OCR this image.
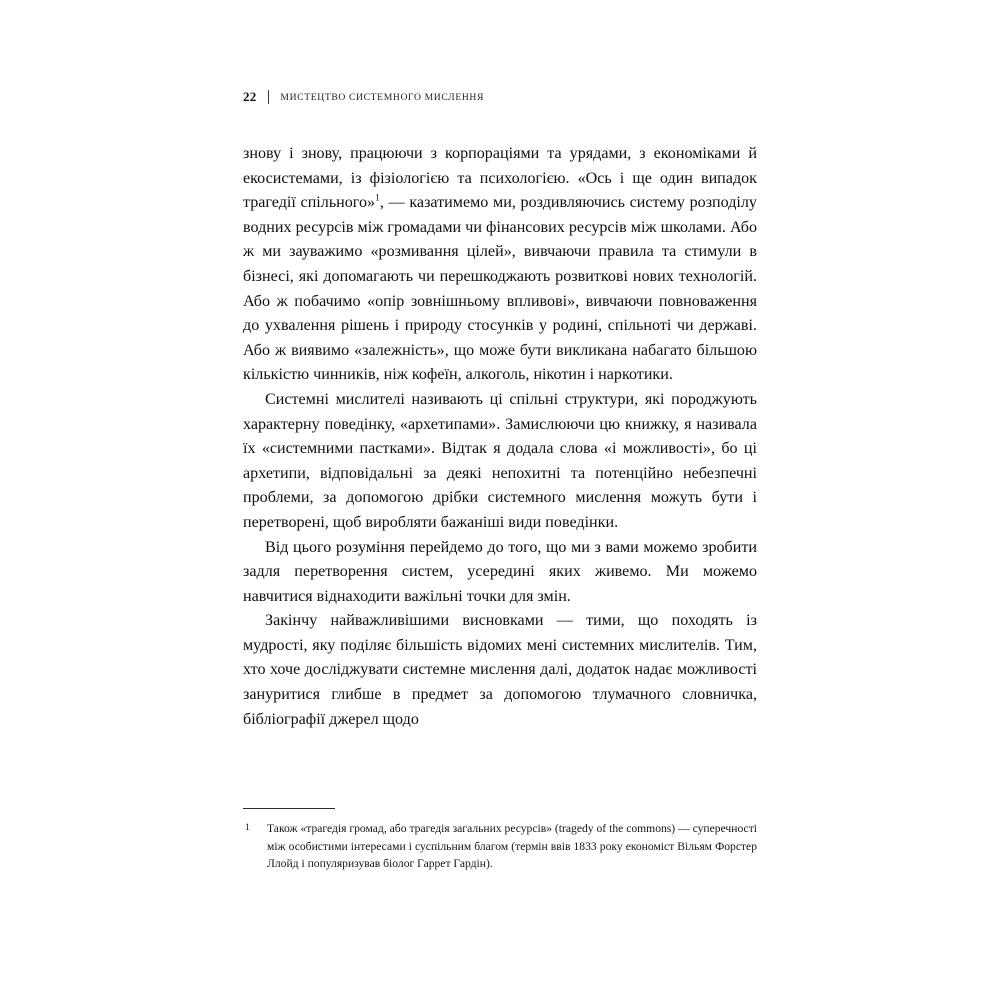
22	МИСТЕЦТВО СИСТЕМНОГО МИСЛЕННЯ

знову і знову, працюючи з корпораціями та урядами, з економіками й екосистемами, із фізіологією та психологією. «Ось і ще один випадок трагедії спільного»$^1$, — казатимемо ми, роздивляючись систему розподілу водних ресурсів між громадами чи фінансових ресурсів між школами. Або ж ми зауважимо «розмивання цілей», вивчаючи правила та стимули в бізнесі, які допомагають чи перешкоджають розвиткові нових технологій. Або ж побачимо «опір зовнішньому впливові», вивчаючи повноваження до ухвалення рішень і природу стосунків у родині, спільноті чи державі. Або ж виявимо «залежність», що може бути викликана набагато більшою кількістю чинників, ніж кофеїн, алкоголь, нікотин і наркотики.

Системні мислителі називають ці спільні структури, які породжують характерну поведінку, «архетипами». Замислюючи цю книжку, я називала їх «системними пастками». Відтак я додала слова «і можливості», бо ці архетипи, відповідальні за деякі непохитні та потенційно небезпечні проблеми, за допомогою дрібки системного мислення можуть бути і перетворені, щоб виробляти бажаніші види поведінки.

Від цього розуміння перейдемо до того, що ми з вами можемо зробити задля перетворення систем, усередині яких живемо. Ми можемо навчитися віднаходити важільні точки для змін.

Закінчу найважливішими висновками — тими, що походять із мудрості, яку поділяє більшість відомих мені системних мислителів. Тим, хто хоче досліджувати системне мислення далі, додаток надає можливості зануритися глибше в предмет за допомогою тлумачного словничка, бібліографії джерел щодо

1 Також «трагедія громад, або трагедія загальних ресурсів» (tragedy of the commons) — суперечності між особистими інтересами і суспільним благом (термін ввів 1833 року економіст Вільям Форстер Ллойд і популяризував біолог Гаррет Гардін).
